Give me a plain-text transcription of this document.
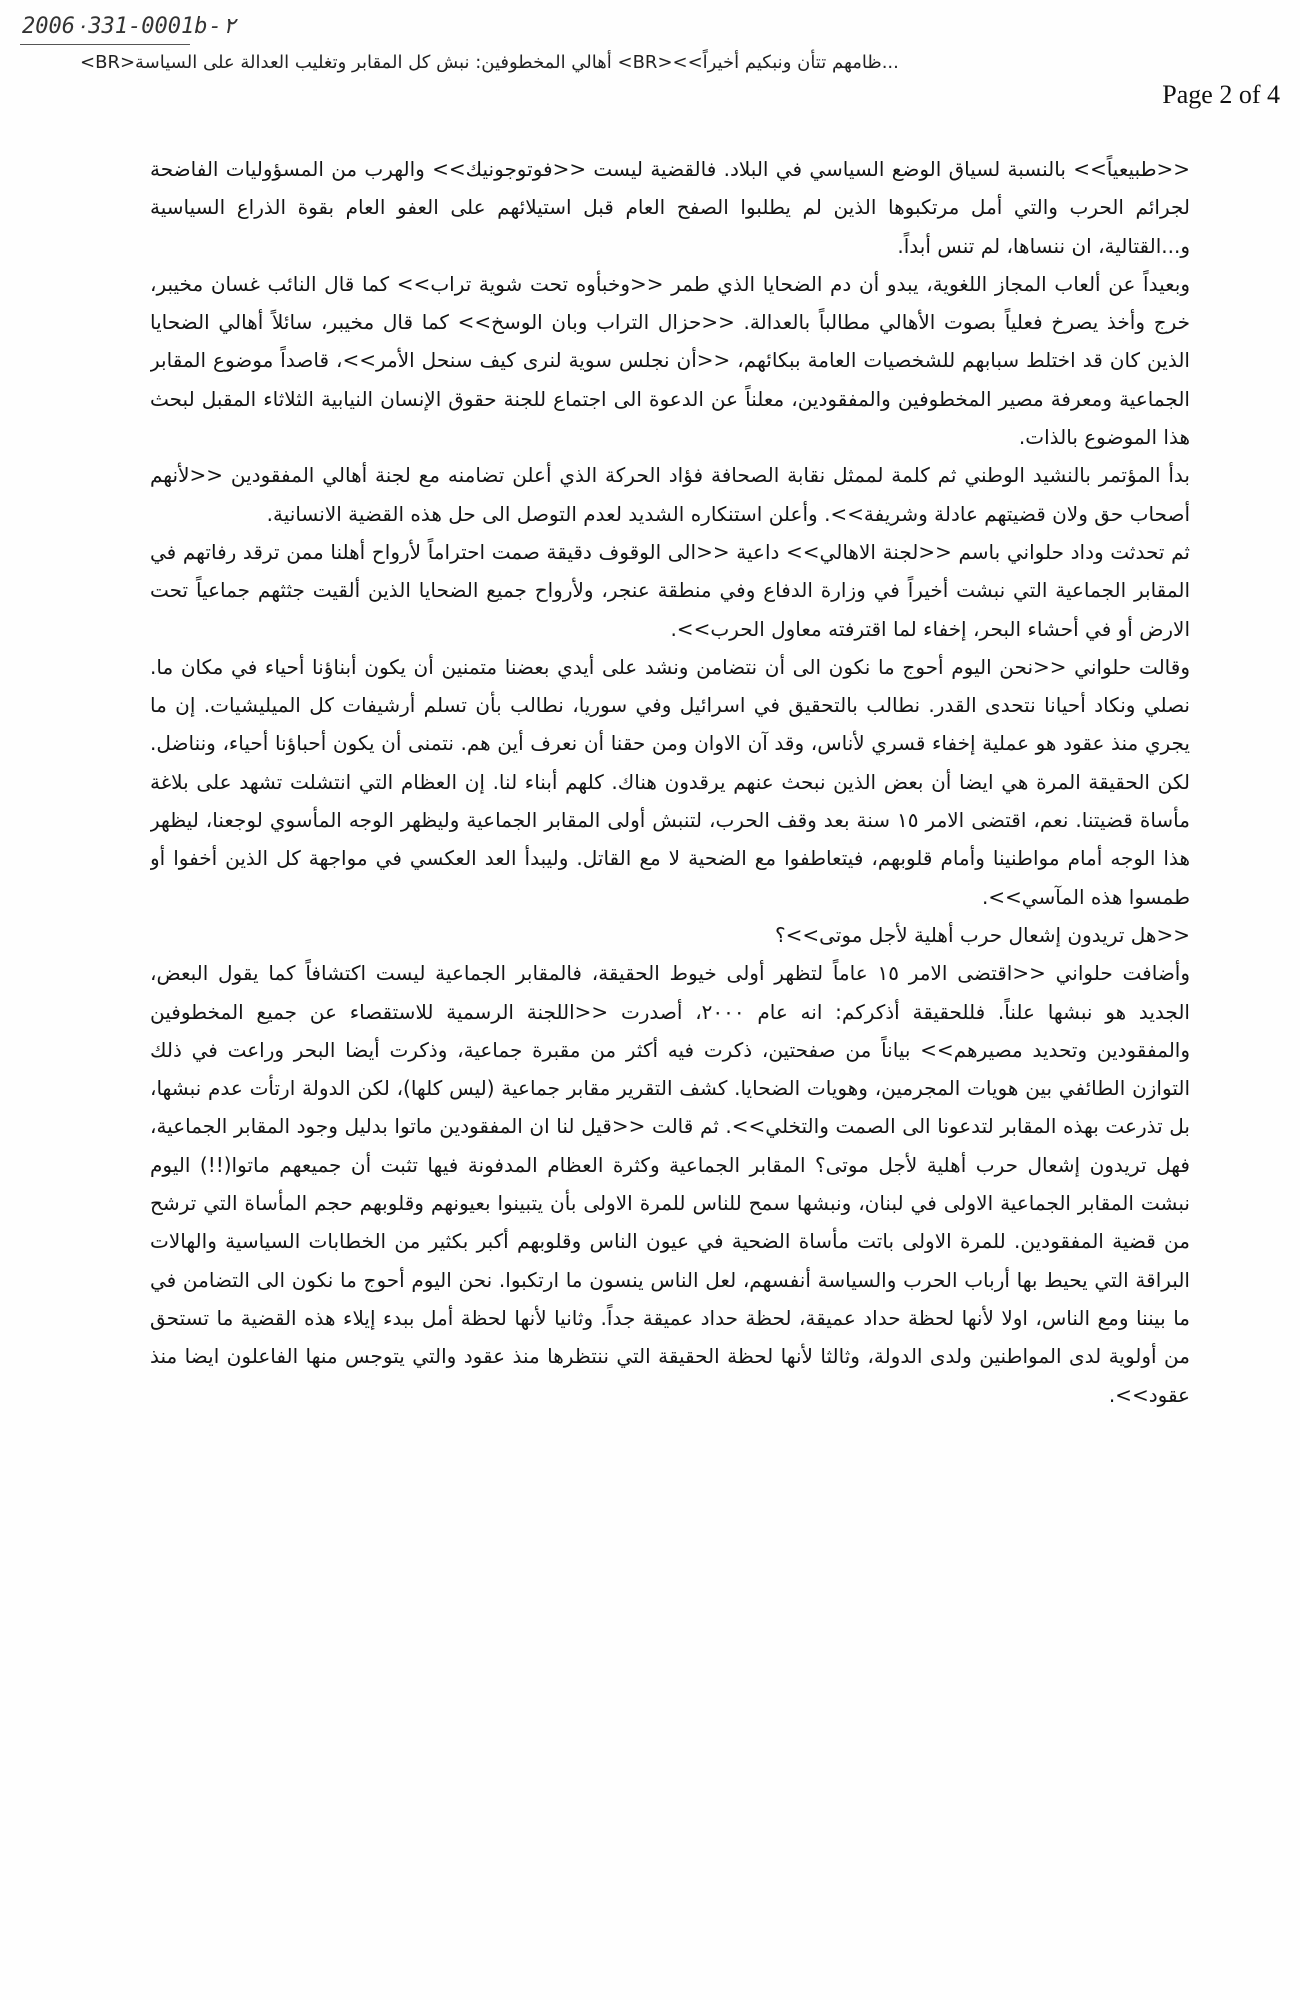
2006٠331-0001b-٢
...ظامهم تتأن ونبكيم أخيراً>><BR> أهالي المخطوفين: نبش كل المقابر وتغليب العدالة على السياسة<BR>
Page 2 of 4

<<طبيعياً>> بالنسبة لسياق الوضع السياسي في البلاد. فالقضية ليست <<فوتوجونيك>> والهرب من المسؤوليات الفاضحة لجرائم الحرب والتي أمل مرتكبوها الذين لم يطلبوا الصفح العام قبل استيلائهم على العفو العام بقوة الذراع السياسية و...القتالية، ان ننساها، لم تنس أبداً.

وبعيداً عن ألعاب المجاز اللغوية، يبدو أن دم الضحايا الذي طمر <<وخبأوه تحت شوية تراب>> كما قال النائب غسان مخيبر، خرج وأخذ يصرخ فعلياً بصوت الأهالي مطالباً بالعدالة. <<حزال التراب وبان الوسخ>> كما قال مخيبر، سائلاً أهالي الضحايا الذين كان قد اختلط سبابهم للشخصيات العامة ببكائهم، <<أن نجلس سوية لنرى كيف سنحل الأمر>>، قاصداً موضوع المقابر الجماعية ومعرفة مصير المخطوفين والمفقودين، معلناً عن الدعوة الى اجتماع للجنة حقوق الإنسان النيابية الثلاثاء المقبل لبحث هذا الموضوع بالذات.

بدأ المؤتمر بالنشيد الوطني ثم كلمة لممثل نقابة الصحافة فؤاد الحركة الذي أعلن تضامنه مع لجنة أهالي المفقودين <<لأنهم أصحاب حق ولان قضيتهم عادلة وشريفة>>. وأعلن استنكاره الشديد لعدم التوصل الى حل هذه القضية الانسانية.

ثم تحدثت وداد حلواني باسم <<لجنة الاهالي>> داعية <<الى الوقوف دقيقة صمت احتراماً لأرواح أهلنا ممن ترقد رفاتهم في المقابر الجماعية التي نبشت أخيراً في وزارة الدفاع وفي منطقة عنجر، ولأرواح جميع الضحايا الذين ألقيت جثثهم جماعياً تحت الارض أو في أحشاء البحر، إخفاء لما اقترفته معاول الحرب>>.

وقالت حلواني <<نحن اليوم أحوج ما نكون الى أن نتضامن ونشد على أيدي بعضنا متمنين أن يكون أبناؤنا أحياء في مكان ما. نصلي ونكاد أحيانا نتحدى القدر. نطالب بالتحقيق في اسرائيل وفي سوريا، نطالب بأن تسلم أرشيفات كل الميليشيات. إن ما يجري منذ عقود هو عملية إخفاء قسري لأناس، وقد آن الاوان ومن حقنا أن نعرف أين هم. نتمنى أن يكون أحباؤنا أحياء، ونناضل. لكن الحقيقة المرة هي ايضا أن بعض الذين نبحث عنهم يرقدون هناك. كلهم أبناء لنا. إن العظام التي انتشلت تشهد على بلاغة مأساة قضيتنا. نعم، اقتضى الامر ١٥ سنة بعد وقف الحرب، لتنبش أولى المقابر الجماعية وليظهر الوجه المأسوي لوجعنا، ليظهر هذا الوجه أمام مواطنينا وأمام قلوبهم، فيتعاطفوا مع الضحية لا مع القاتل. وليبدأ العد العكسي في مواجهة كل الذين أخفوا أو طمسوا هذه المآسي>>.

<<هل تريدون إشعال حرب أهلية لأجل موتى>>؟

وأضافت حلواني <<اقتضى الامر ١٥ عاماً لتظهر أولى خيوط الحقيقة، فالمقابر الجماعية ليست اكتشافاً كما يقول البعض، الجديد هو نبشها علناً. فللحقيقة أذكركم: انه عام ٢٠٠٠، أصدرت <<اللجنة الرسمية للاستقصاء عن جميع المخطوفين والمفقودين وتحديد مصيرهم>> بياناً من صفحتين، ذكرت فيه أكثر من مقبرة جماعية، وذكرت أيضا البحر وراعت في ذلك التوازن الطائفي بين هويات المجرمين، وهويات الضحايا. كشف التقرير مقابر جماعية (ليس كلها)، لكن الدولة ارتأت عدم نبشها، بل تذرعت بهذه المقابر لتدعونا الى الصمت والتخلي>>. ثم قالت <<قيل لنا ان المفقودين ماتوا بدليل وجود المقابر الجماعية، فهل تريدون إشعال حرب أهلية لأجل موتى؟ المقابر الجماعية وكثرة العظام المدفونة فيها تثبت أن جميعهم ماتوا(!!) اليوم نبشت المقابر الجماعية الاولى في لبنان، ونبشها سمح للناس للمرة الاولى بأن يتبينوا بعيونهم وقلوبهم حجم المأساة التي ترشح من قضية المفقودين. للمرة الاولى باتت مأساة الضحية في عيون الناس وقلوبهم أكبر بكثير من الخطابات السياسية والهالات البراقة التي يحيط بها أرباب الحرب والسياسة أنفسهم، لعل الناس ينسون ما ارتكبوا. نحن اليوم أحوج ما نكون الى التضامن في ما بيننا ومع الناس، اولا لأنها لحظة حداد عميقة، لحظة حداد عميقة جداً. وثانيا لأنها لحظة أمل ببدء إيلاء هذه القضية ما تستحق من أولوية لدى المواطنين ولدى الدولة، وثالثا لأنها لحظة الحقيقة التي ننتظرها منذ عقود والتي يتوجس منها الفاعلون ايضا منذ عقود>>.
